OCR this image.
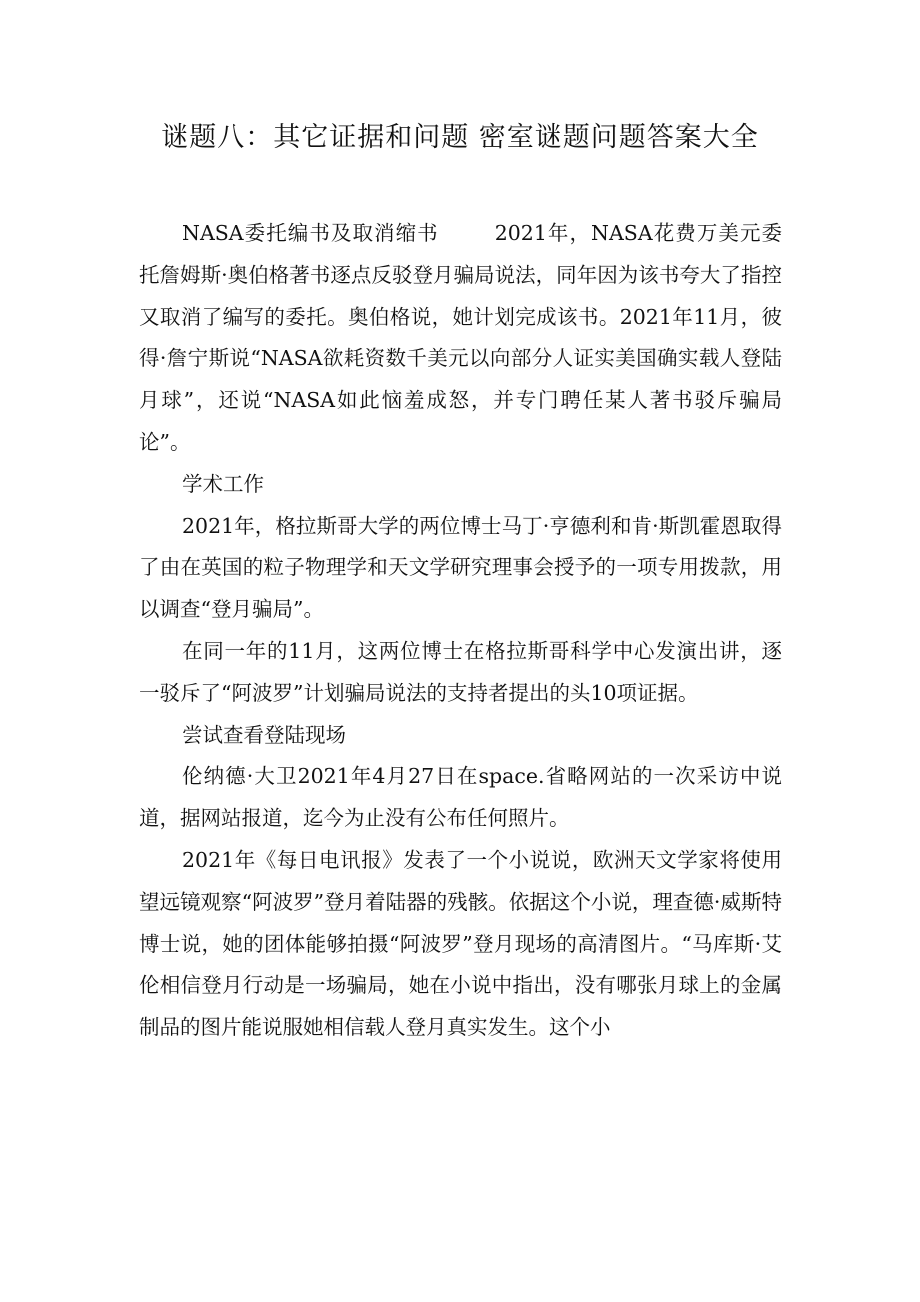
谜题八：其它证据和问题 密室谜题问题答案大全

NASA委托编书及取消缩书	2021年，NASA花费万美元委托詹姆斯·奥伯格著书逐点反驳登月骗局说法，同年因为该书夸大了指控又取消了编写的委托。奥伯格说，她计划完成该书。2021年11月，彼得·詹宁斯说“NASA欲耗资数千美元以向部分人证实美国确实载人登陆月球”，还说“NASA如此恼羞成怒，并专门聘任某人著书驳斥骗局论”。

学术工作

2021年，格拉斯哥大学的两位博士马丁·亨德利和肯·斯凯霍恩取得了由在英国的粒子物理学和天文学研究理事会授予的一项专用拨款，用以调查“登月骗局”。

在同一年的11月，这两位博士在格拉斯哥科学中心发演出讲，逐一驳斥了“阿波罗”计划骗局说法的支持者提出的头10项证据。

尝试查看登陆现场

伦纳德·大卫2021年4月27日在space.省略网站的一次采访中说道，据网站报道，迄今为止没有公布任何照片。

2021年《每日电讯报》发表了一个小说说，欧洲天文学家将使用望远镜观察“阿波罗”登月着陆器的残骸。依据这个小说，理查德·威斯特博士说，她的团体能够拍摄“阿波罗”登月现场的高清图片。“马库斯·艾伦相信登月行动是一场骗局，她在小说中指出，没有哪张月球上的金属制品的图片能说服她相信载人登月真实发生。这个小
